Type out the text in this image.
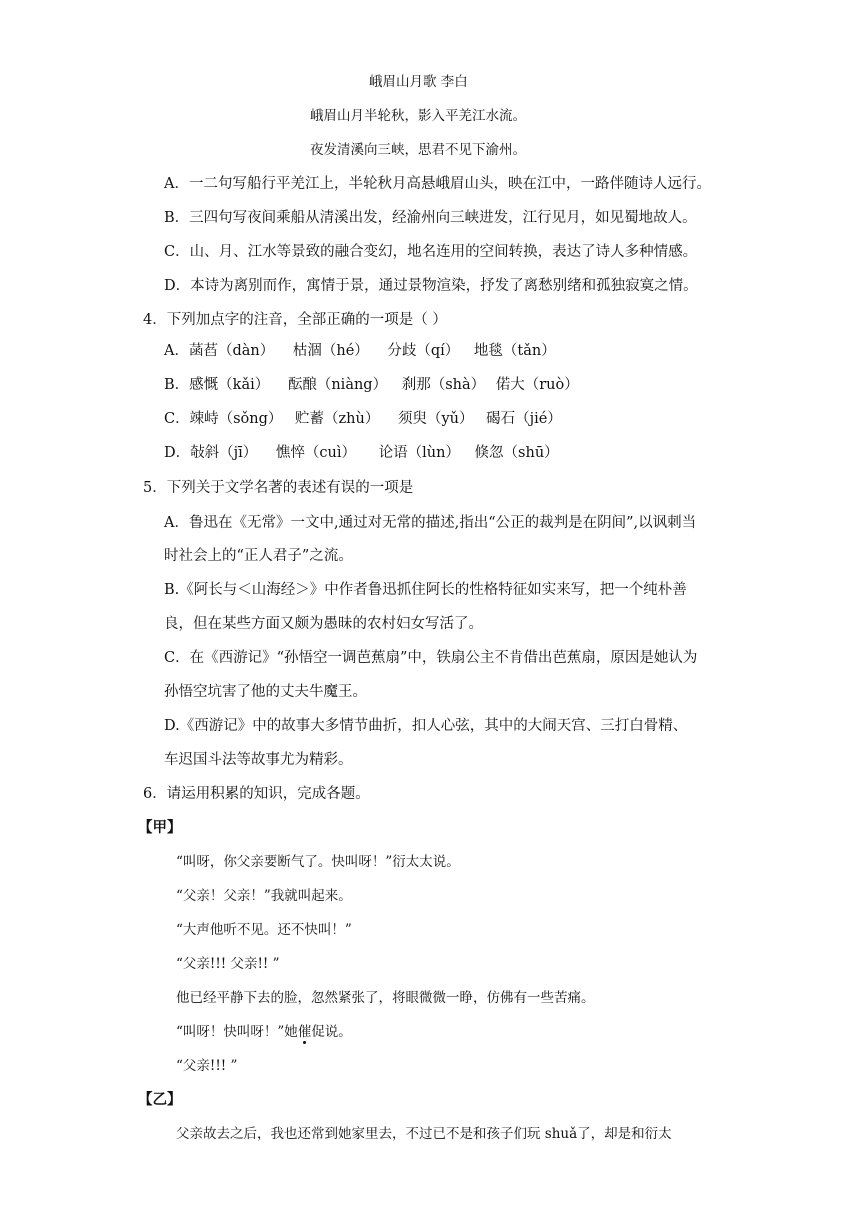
峨眉山月歌 李白
峨眉山月半轮秋，影入平羌江水流。
夜发清溪向三峡，思君不见下渝州。
A．一二句写船行平羌江上，半轮秋月高悬峨眉山头，映在江中，一路伴随诗人远行。
B．三四句写夜间乘船从清溪出发，经渝州向三峡进发，江行见月，如见蜀地故人。
C．山、月、江水等景致的融合变幻，地名连用的空间转换，表达了诗人多种情感。
D．本诗为离别而作，寓情于景，通过景物渲染，抒发了离愁别绪和孤独寂寞之情。
4．下列加点字的注音，全部正确的一项是（ ）
A．菡萏（dàn） 枯涸（hé） 分歧（qí） 地毯（tǎn）
B．感慨（kǎi） 酝酿（niàng） 刹那（shà） 偌大（ruò）
C．竦峙（sǒng） 贮蓄（zhù） 须臾（yǔ） 碣石（jié）
D．敧斜（jī） 憔悴（cuì） 论语（lùn） 倏忽（shū）
5．下列关于文学名著的表述有误的一项是
A．鲁迅在《无常》一文中,通过对无常的描述,指出“公正的裁判是在阴间”,以讽刺当
时社会上的“正人君子”之流。
B.《阿长与＜山海经＞》中作者鲁迅抓住阿长的性格特征如实来写，把一个纯朴善
良，但在某些方面又颇为愚昧的农村妇女写活了。
C．在《西游记》“孙悟空一调芭蕉扇”中，铁扇公主不肯借出芭蕉扇，原因是她认为
孙悟空坑害了他的丈夫牛魔王。
D.《西游记》中的故事大多情节曲折，扣人心弦，其中的大闹天宫、三打白骨精、
车迟国斗法等故事尤为精彩。
6．请运用积累的知识，完成各题。
【甲】
“叫呀，你父亲要断气了。快叫呀！”衍太太说。
“父亲！父亲！”我就叫起来。
“大声他听不见。还不快叫！”
“父亲!!! 父亲!! ”
他已经平静下去的脸，忽然紧张了，将眼微微一睁，仿佛有一些苦痛。
“叫呀！快叫呀！”她催促说。
“父亲!!! ”
【乙】
父亲故去之后，我也还常到她家里去，不过已不是和孩子们玩 shuǎ了，却是和衍太
